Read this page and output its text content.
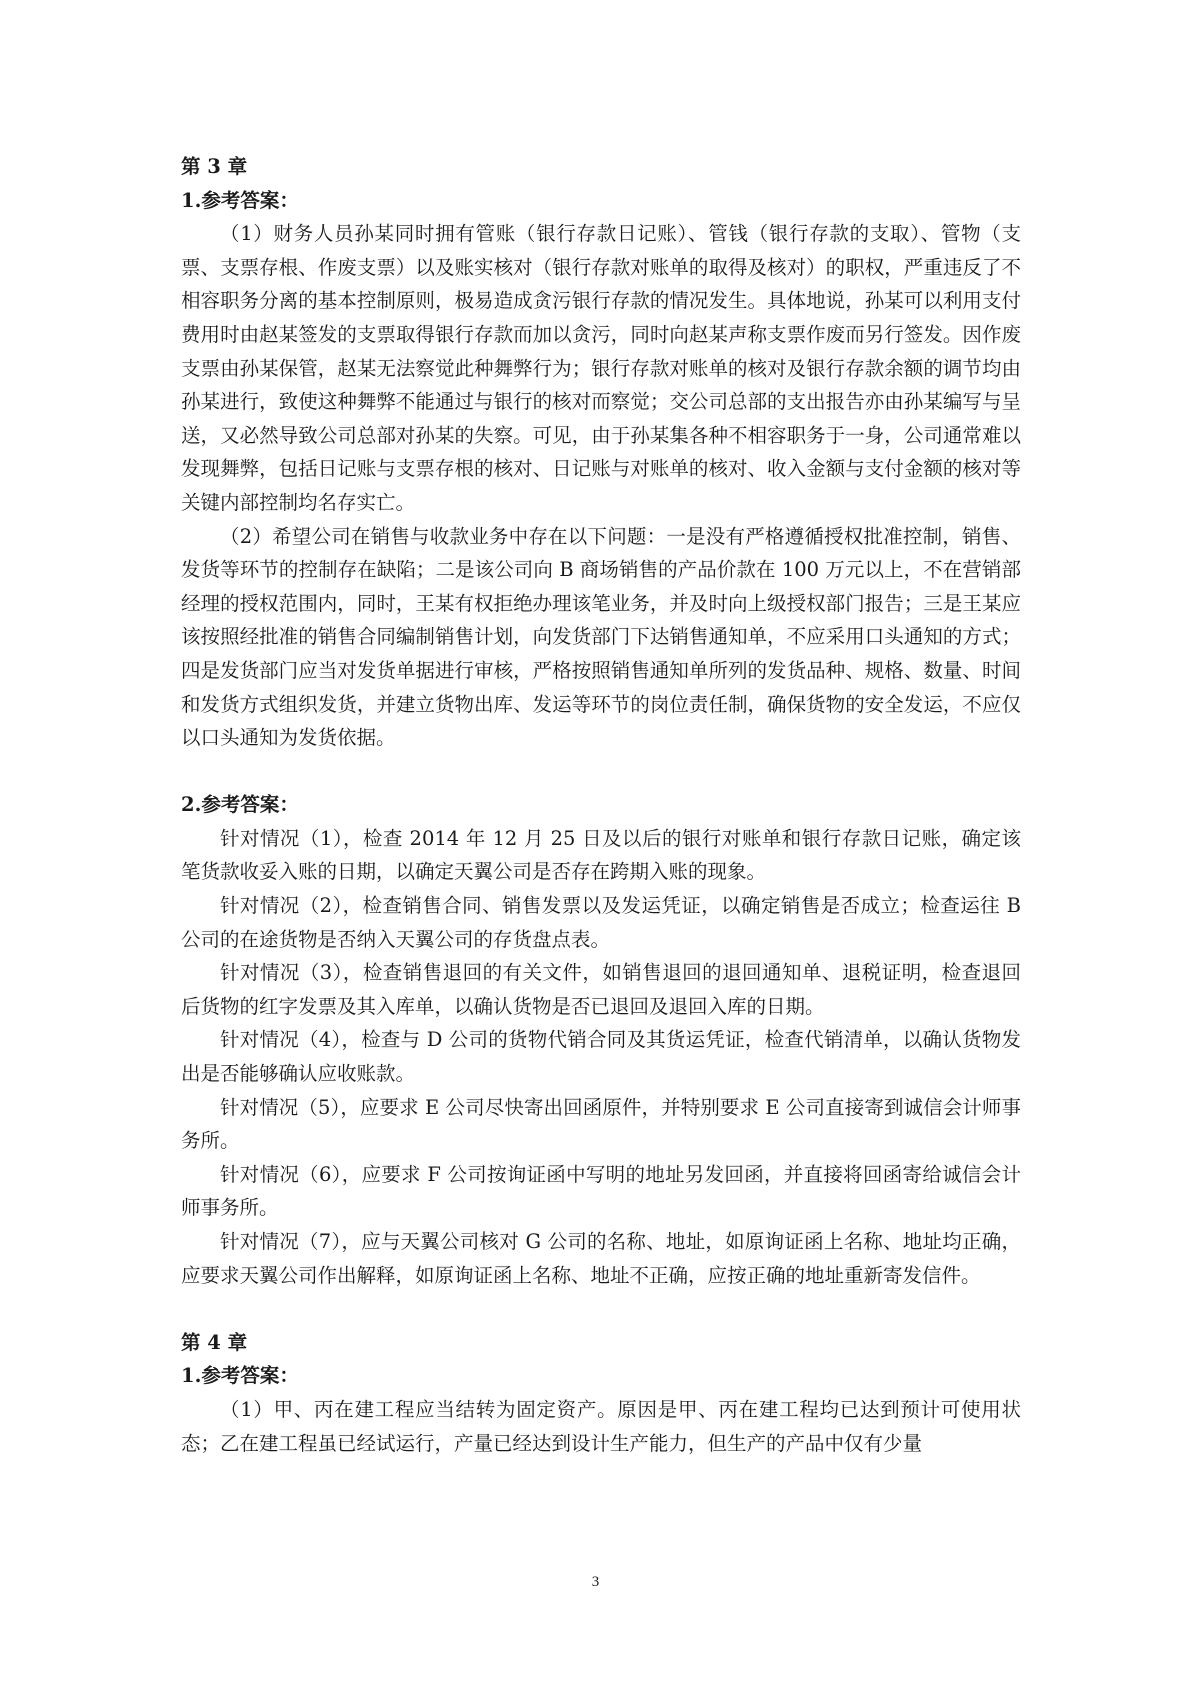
第 3 章

1.参考答案：

（1）财务人员孙某同时拥有管账（银行存款日记账）、管钱（银行存款的支取）、管物（支票、支票存根、作废支票）以及账实核对（银行存款对账单的取得及核对）的职权，严重违反了不相容职务分离的基本控制原则，极易造成贪污银行存款的情况发生。具体地说，孙某可以利用支付费用时由赵某签发的支票取得银行存款而加以贪污，同时向赵某声称支票作废而另行签发。因作废支票由孙某保管，赵某无法察觉此种舞弊行为；银行存款对账单的核对及银行存款余额的调节均由孙某进行，致使这种舞弊不能通过与银行的核对而察觉；交公司总部的支出报告亦由孙某编写与呈送，又必然导致公司总部对孙某的失察。可见，由于孙某集各种不相容职务于一身，公司通常难以发现舞弊，包括日记账与支票存根的核对、日记账与对账单的核对、收入金额与支付金额的核对等关键内部控制均名存实亡。

（2）希望公司在销售与收款业务中存在以下问题：一是没有严格遵循授权批准控制，销售、发货等环节的控制存在缺陷；二是该公司向 B 商场销售的产品价款在 100 万元以上，不在营销部经理的授权范围内，同时，王某有权拒绝办理该笔业务，并及时向上级授权部门报告；三是王某应该按照经批准的销售合同编制销售计划，向发货部门下达销售通知单，不应采用口头通知的方式；四是发货部门应当对发货单据进行审核，严格按照销售通知单所列的发货品种、规格、数量、时间和发货方式组织发货，并建立货物出库、发运等环节的岗位责任制，确保货物的安全发运，不应仅以口头通知为发货依据。

2.参考答案：

针对情况（1），检查 2014 年 12 月 25 日及以后的银行对账单和银行存款日记账，确定该笔货款收妥入账的日期，以确定天翼公司是否存在跨期入账的现象。

针对情况（2），检查销售合同、销售发票以及发运凭证，以确定销售是否成立；检查运往 B 公司的在途货物是否纳入天翼公司的存货盘点表。

针对情况（3），检查销售退回的有关文件，如销售退回的退回通知单、退税证明，检查退回后货物的红字发票及其入库单，以确认货物是否已退回及退回入库的日期。

针对情况（4），检查与 D 公司的货物代销合同及其货运凭证，检查代销清单，以确认货物发出是否能够确认应收账款。

针对情况（5），应要求 E 公司尽快寄出回函原件，并特别要求 E 公司直接寄到诚信会计师事务所。

针对情况（6），应要求 F 公司按询证函中写明的地址另发回函，并直接将回函寄给诚信会计师事务所。

针对情况（7），应与天翼公司核对 G 公司的名称、地址，如原询证函上名称、地址均正确，应要求天翼公司作出解释，如原询证函上名称、地址不正确，应按正确的地址重新寄发信件。

第 4 章

1.参考答案：

（1）甲、丙在建工程应当结转为固定资产。原因是甲、丙在建工程均已达到预计可使用状态；乙在建工程虽已经试运行，产量已经达到设计生产能力，但生产的产品中仅有少量

3
